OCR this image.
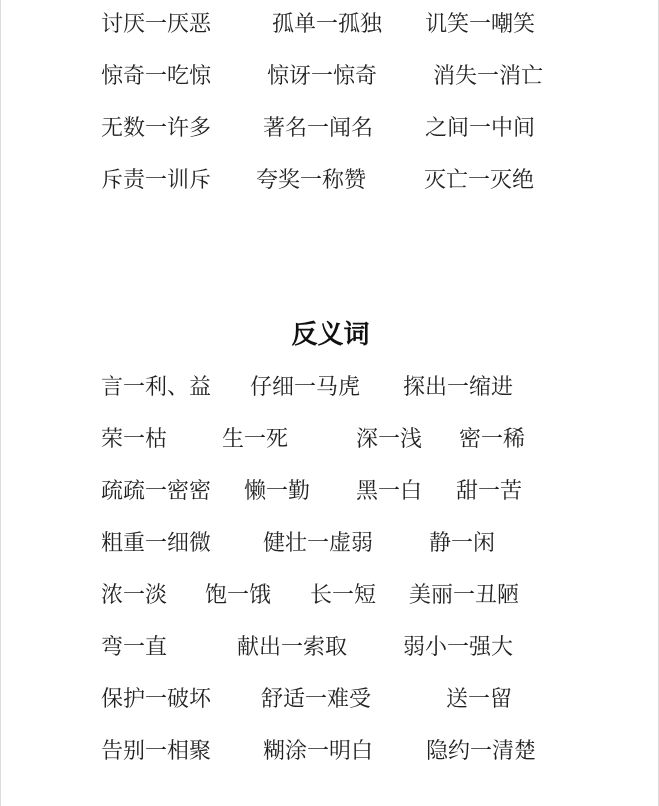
讨厌一厌恶	孤单一孤独 讥笑一嘲笑
惊奇一吃惊	惊讶一惊奇	消失一消亡
无数一许多 著名一闻名 之间一中间
斥责一训斥 夸奖一称赞	灭亡一灭绝
反义词
言一利、益 仔细一马虎 探出一缩进
荣一枯 生一死	深一浅 密一稀
疏疏一密密 懒一勤 黑一白 甜一苦
粗重一细微 健壮一虚弱	静一闲
浓一淡 饱一饿 长一短 美丽一丑陋
弯一直	献出一索取	弱小一强大
保护一破坏 舒适一难受	送一留
告别一相聚 糊涂一明白 隐约一清楚
